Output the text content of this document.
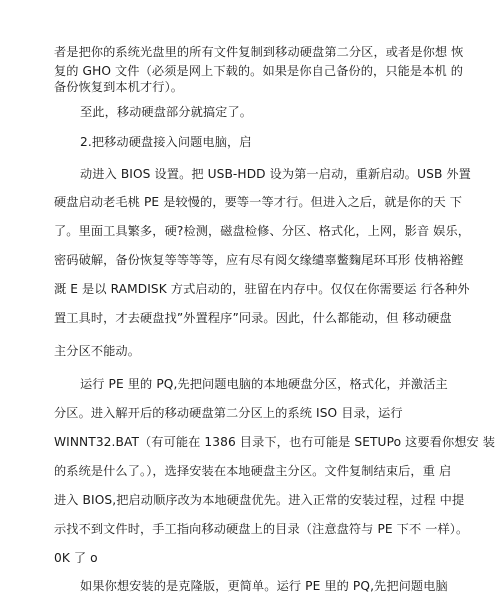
者是把你的系统光盘里的所有文件复制到移动硬盘第二分区，或者是你想 恢
复的 GHO 文件（必须是网上下载的。如果是你自己备份的，只能是本机 的
备份恢复到本机才行）。
至此，移动硬盘部分就搞定了。
2.把移动硬盘接入问题电脑，启
动进入 BIOS 设置。把 USB-HDD 设为第一启动，重新启动。USB 外置
硬盘启动老毛桃 PE 是较慢的，要等一等才行。但进入之后，就是你的天 下
了。里面工具繁多，硬?检测，磁盘检修、分区、格式化，上网，影音 娱乐，
密码破解，备份恢复等等等等，应有尽有阅攵缘缱辜鳖麴尾环耳形 伎柟裕鲣
溉 E 是以 RAMDISK 方式启动的，驻留在内存中。仅仅在你需要运 行各种外
置工具时，才去硬盘找”外置程序”冋录。因此，什么都能动，但 移动硬盘
主分区不能动。
运行 PE 里的 PQ,先把问题电脑的本地硬盘分区，格式化，并激活主
分区。进入解开后的移动硬盘第二分区上的系统 ISO 目录，运行
WINNT32.BAT（有可能在 1386 目录下，也冇可能是 SETUPo 这要看你想安 装
的系统是什么了。），选择安装在本地硬盘主分区。文件复制结束后，重 启
进入 BIOS,把启动顺序改为本地硬盘优先。进入正常的安装过程，过程 中提
示找不到文件时，手工指向移动硬盘上的目录（注意盘符与 PE 下不 一样）。
0K 了 o
如果你想安装的是克隆版，更简单。运行 PE 里的 PQ,先把问题电脑
